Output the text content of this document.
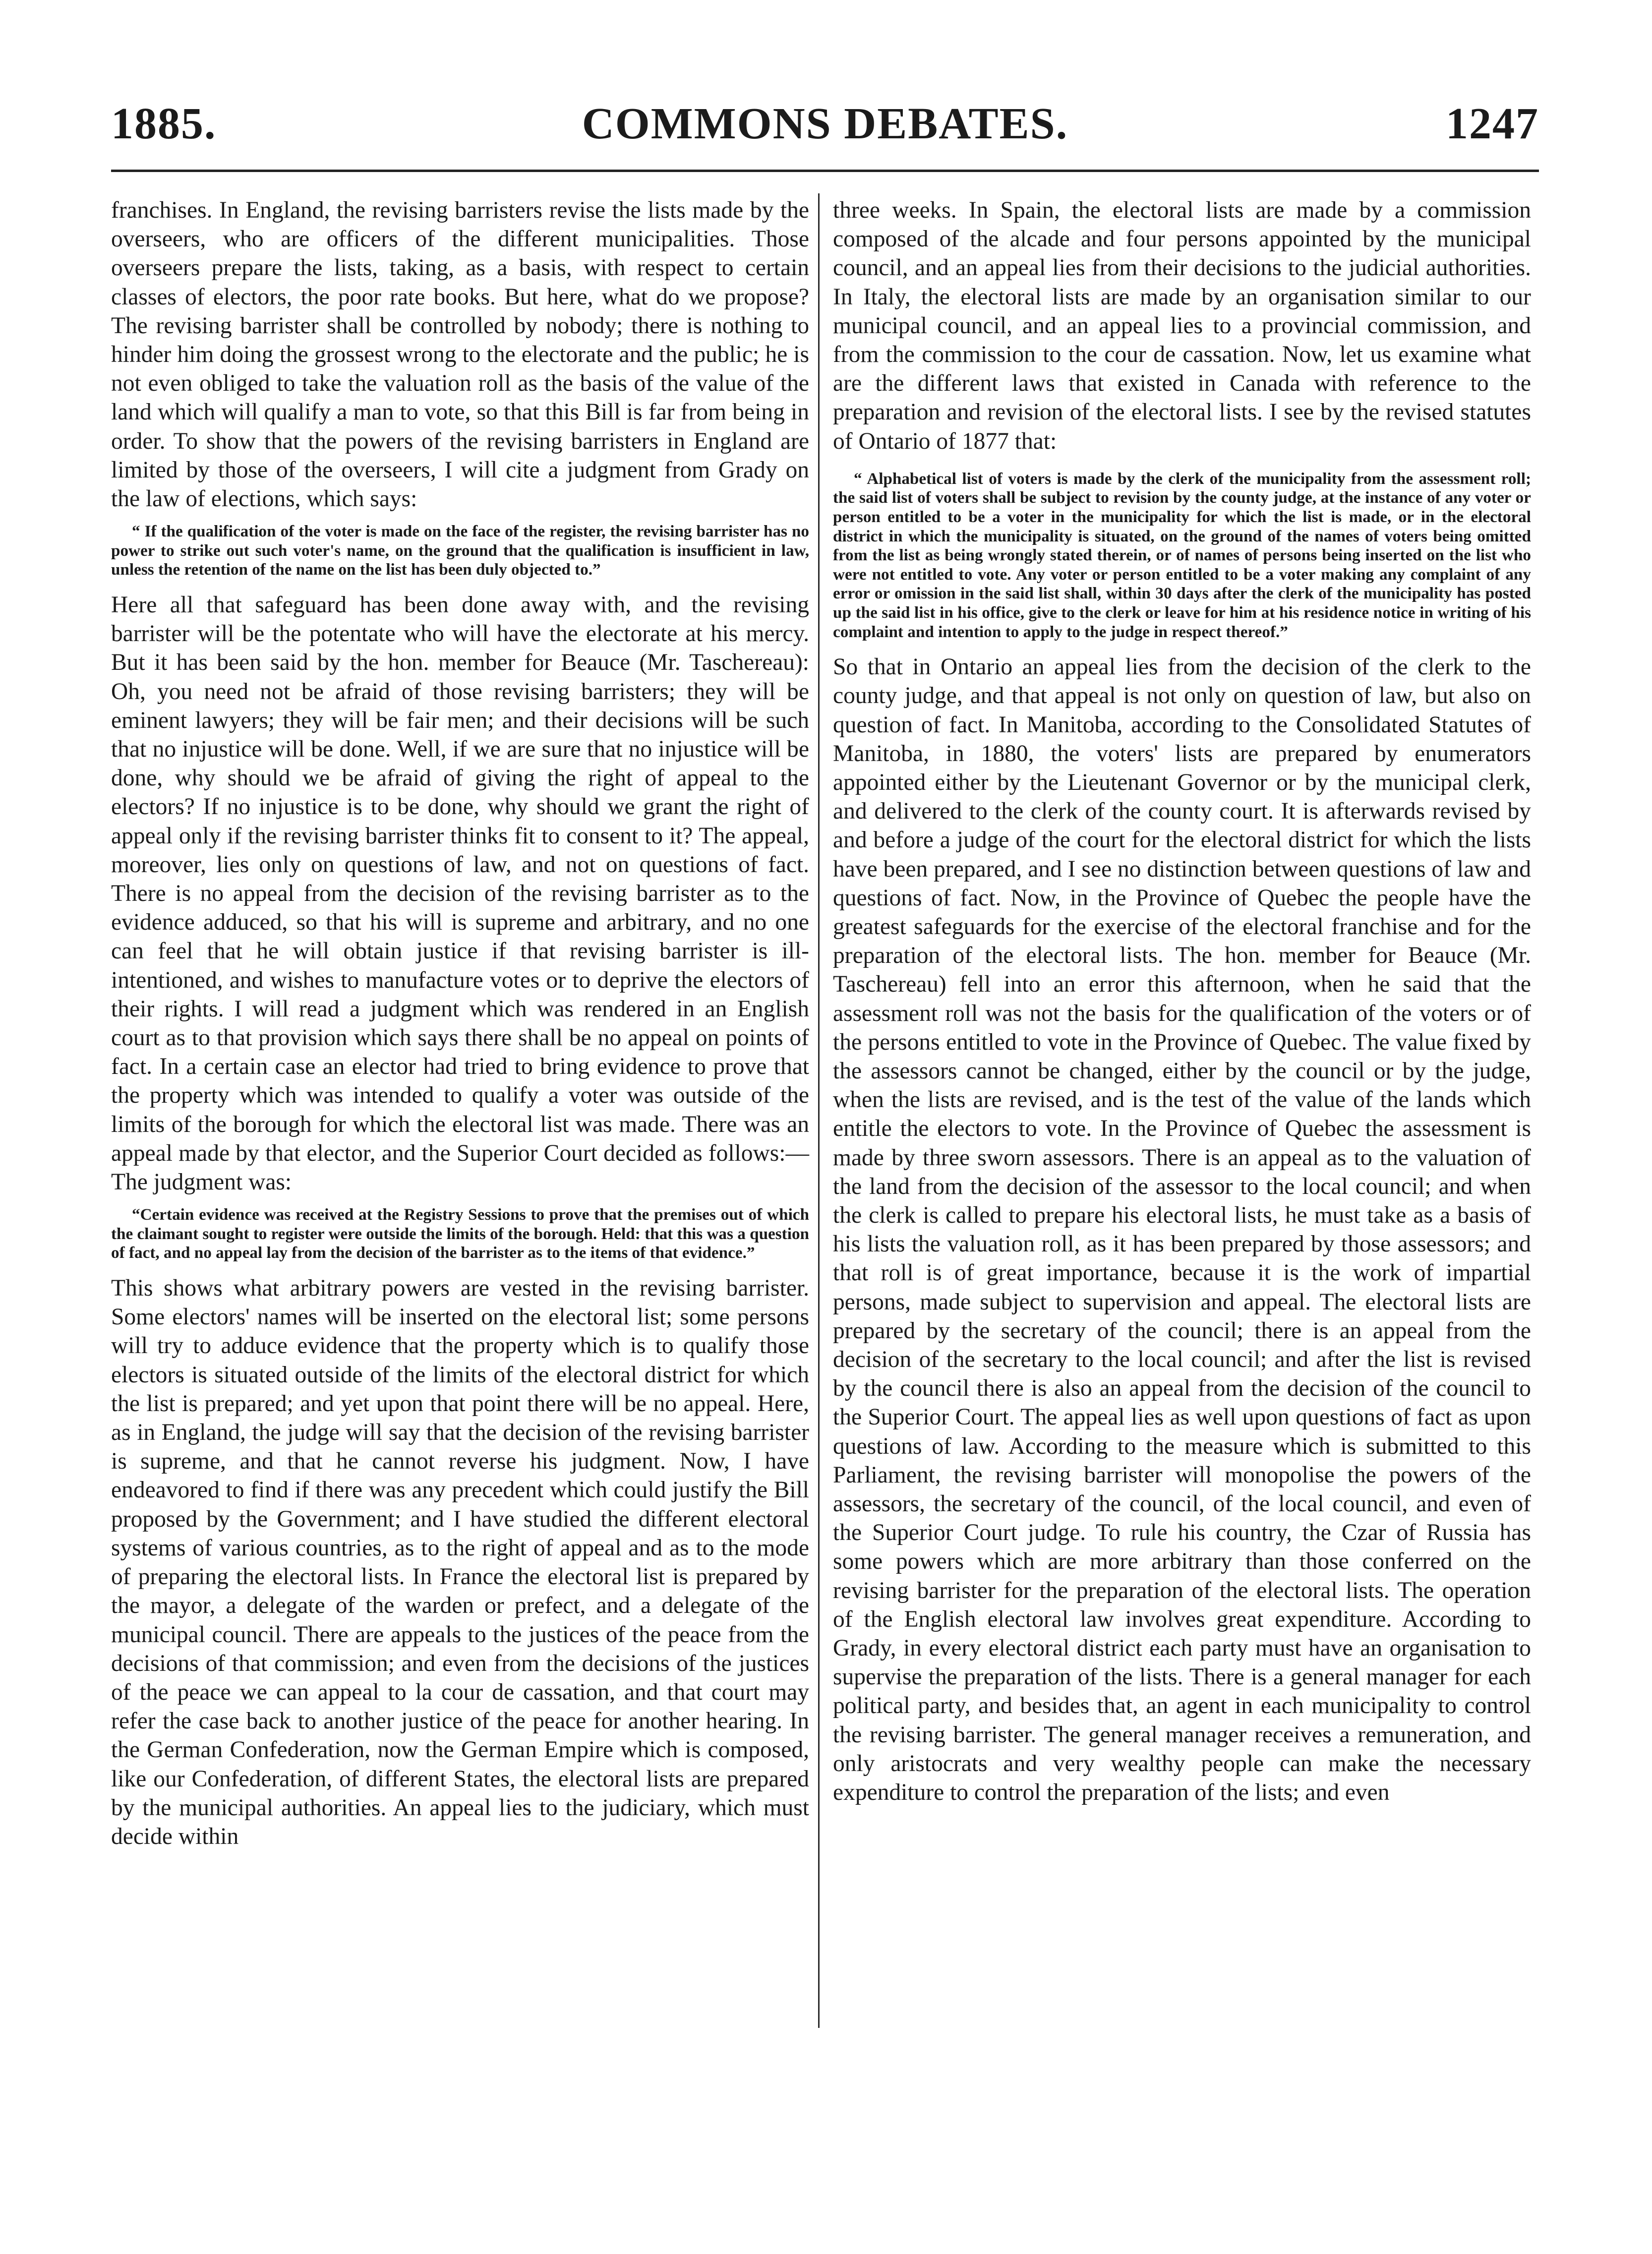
1885.	COMMONS DEBATES.	1247

franchises. In England, the revising barristers revise the lists made by the overseers, who are officers of the different municipalities. Those overseers prepare the lists, taking, as a basis, with respect to certain classes of electors, the poor rate books. But here, what do we propose? The revising barrister shall be controlled by nobody; there is nothing to hinder him doing the grossest wrong to the electorate and the public; he is not even obliged to take the valuation roll as the basis of the value of the land which will qualify a man to vote, so that this Bill is far from being in order. To show that the powers of the revising barristers in England are limited by those of the overseers, I will cite a judgment from Grady on the law of elections, which says:

“ If the qualification of the voter is made on the face of the register, the revising barrister has no power to strike out such voter's name, on the ground that the qualification is insufficient in law, unless the retention of the name on the list has been duly objected to.”

Here all that safeguard has been done away with, and the revising barrister will be the potentate who will have the electorate at his mercy. But it has been said by the hon. member for Beauce (Mr. Taschereau): Oh, you need not be afraid of those revising barristers; they will be eminent lawyers; they will be fair men; and their decisions will be such that no injustice will be done. Well, if we are sure that no injustice will be done, why should we be afraid of giving the right of appeal to the electors? If no injustice is to be done, why should we grant the right of appeal only if the revising barrister thinks fit to consent to it? The appeal, moreover, lies only on questions of law, and not on questions of fact. There is no appeal from the decision of the revising barrister as to the evidence adduced, so that his will is supreme and arbitrary, and no one can feel that he will obtain justice if that revising barrister is ill-intentioned, and wishes to manufacture votes or to deprive the electors of their rights. I will read a judgment which was rendered in an English court as to that provision which says there shall be no appeal on points of fact. In a certain case an elector had tried to bring evidence to prove that the property which was intended to qualify a voter was outside of the limits of the borough for which the electoral list was made. There was an appeal made by that elector, and the Superior Court decided as follows:—The judgment was:

“Certain evidence was received at the Registry Sessions to prove that the premises out of which the claimant sought to register were outside the limits of the borough. Held: that this was a question of fact, and no appeal lay from the decision of the barrister as to the items of that evidence.”

This shows what arbitrary powers are vested in the revising barrister. Some electors' names will be inserted on the electoral list; some persons will try to adduce evidence that the property which is to qualify those electors is situated outside of the limits of the electoral district for which the list is prepared; and yet upon that point there will be no appeal. Here, as in England, the judge will say that the decision of the revising barrister is supreme, and that he cannot reverse his judgment. Now, I have endeavored to find if there was any precedent which could justify the Bill proposed by the Government; and I have studied the different electoral systems of various countries, as to the right of appeal and as to the mode of preparing the electoral lists. In France the electoral list is prepared by the mayor, a delegate of the warden or prefect, and a delegate of the municipal council. There are appeals to the justices of the peace from the decisions of that commission; and even from the decisions of the justices of the peace we can appeal to la cour de cassation, and that court may refer the case back to another justice of the peace for another hearing. In the German Confederation, now the German Empire which is composed, like our Confederation, of different States, the electoral lists are prepared by the municipal authorities. An appeal lies to the judiciary, which must decide within

three weeks. In Spain, the electoral lists are made by a commission composed of the alcade and four persons appointed by the municipal council, and an appeal lies from their decisions to the judicial authorities. In Italy, the electoral lists are made by an organisation similar to our municipal council, and an appeal lies to a provincial commission, and from the commission to the cour de cassation. Now, let us examine what are the different laws that existed in Canada with reference to the preparation and revision of the electoral lists. I see by the revised statutes of Ontario of 1877 that:

“ Alphabetical list of voters is made by the clerk of the municipality from the assessment roll; the said list of voters shall be subject to revision by the county judge, at the instance of any voter or person entitled to be a voter in the municipality for which the list is made, or in the electoral district in which the municipality is situated, on the ground of the names of voters being omitted from the list as being wrongly stated therein, or of names of persons being inserted on the list who were not entitled to vote. Any voter or person entitled to be a voter making any complaint of any error or omission in the said list shall, within 30 days after the clerk of the municipality has posted up the said list in his office, give to the clerk or leave for him at his residence notice in writing of his complaint and intention to apply to the judge in respect thereof.”

So that in Ontario an appeal lies from the decision of the clerk to the county judge, and that appeal is not only on question of law, but also on question of fact. In Manitoba, according to the Consolidated Statutes of Manitoba, in 1880, the voters' lists are prepared by enumerators appointed either by the Lieutenant Governor or by the municipal clerk, and delivered to the clerk of the county court. It is afterwards revised by and before a judge of the court for the electoral district for which the lists have been prepared, and I see no distinction between questions of law and questions of fact. Now, in the Province of Quebec the people have the greatest safeguards for the exercise of the electoral franchise and for the preparation of the electoral lists. The hon. member for Beauce (Mr. Taschereau) fell into an error this afternoon, when he said that the assessment roll was not the basis for the qualification of the voters or of the persons entitled to vote in the Province of Quebec. The value fixed by the assessors cannot be changed, either by the council or by the judge, when the lists are revised, and is the test of the value of the lands which entitle the electors to vote. In the Province of Quebec the assessment is made by three sworn assessors. There is an appeal as to the valuation of the land from the decision of the assessor to the local council; and when the clerk is called to prepare his electoral lists, he must take as a basis of his lists the valuation roll, as it has been prepared by those assessors; and that roll is of great importance, because it is the work of impartial persons, made subject to supervision and appeal. The electoral lists are prepared by the secretary of the council; there is an appeal from the decision of the secretary to the local council; and after the list is revised by the council there is also an appeal from the decision of the council to the Superior Court. The appeal lies as well upon questions of fact as upon questions of law. According to the measure which is submitted to this Parliament, the revising barrister will monopolise the powers of the assessors, the secretary of the council, of the local council, and even of the Superior Court judge. To rule his country, the Czar of Russia has some powers which are more arbitrary than those conferred on the revising barrister for the preparation of the electoral lists. The operation of the English electoral law involves great expenditure. According to Grady, in every electoral district each party must have an organisation to supervise the preparation of the lists. There is a general manager for each political party, and besides that, an agent in each municipality to control the revising barrister. The general manager receives a remuneration, and only aristocrats and very wealthy people can make the necessary expenditure to control the preparation of the lists; and even
